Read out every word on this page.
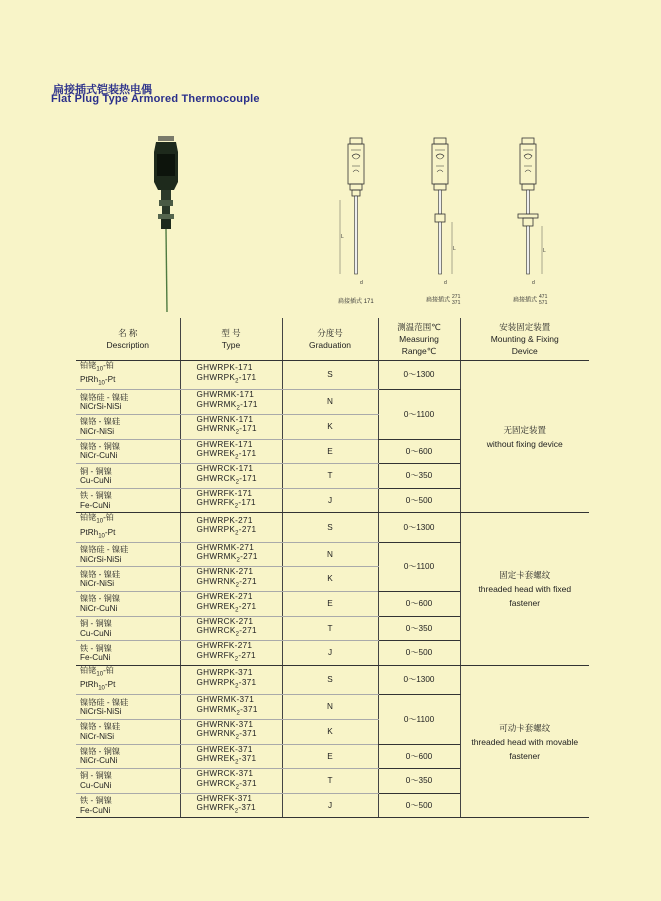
扁接插式铠装热电偶
Flat Plug Type Armored Thermocouple
L
d
扁接插式 171
L
d
扁接插式
271
371
L
d
扁接插式
471
571
名 称
Description	型 号
Type	分度号
Graduation	测温范围℃
Measuring
Range℃	安装固定装置
Mounting & Fixing
Device

铂铑$_{10}$-铂
PtRh$_{10}$-Pt	GHWRPK-171
$GHWRPK_2-171$	S	0～1300	无固定装置
without fixing device

镍铬硅 - 镍硅
NiCrSi-NiSi	GHWRMK-171
$GHWRMK_2-171$	N	0～1100	

镍铬 - 镍硅
NiCr-NiSi	GHWRNK-171
$GHWRNK_2-171$	K		

镍铬 - 铜镍
NiCr-CuNi	GHWREK-171
$GHWREK_2-171$	E	0～600	

铜 - 铜镍
Cu-CuNi	GHWRCK-171
$GHWRCK_2-171$	T	0～350	

铁 - 铜镍
Fe-CuNi	GHWRFK-171
$GHWRFK_2-171$	J	0～500	

铂铑$_{10}$-铂
PtRh$_{10}$-Pt	GHWRPK-271
$GHWRPK_2-271$	S	0～1300	固定卡套螺纹
threaded head with fixed
fastener

镍铬硅 - 镍硅
NiCrSi-NiSi	GHWRMK-271
$GHWRMK_2-271$	N	0～1100	

镍铬 - 镍硅
NiCr-NiSi	GHWRNK-271
$GHWRNK_2-271$	K		

镍铬 - 铜镍
NiCr-CuNi	GHWREK-271
$GHWREK_2-271$	E	0～600	

铜 - 铜镍
Cu-CuNi	GHWRCK-271
$GHWRCK_2-271$	T	0～350	

铁 - 铜镍
Fe-CuNi	GHWRFK-271
$GHWRFK_2-271$	J	0～500	

铂铑$_{10}$-铂
PtRh$_{10}$-Pt	GHWRPK-371
$GHWRPK_2-371$	S	0～1300	可动卡套螺纹
threaded head with movable
fastener

镍铬硅 - 镍硅
NiCrSi-NiSi	GHWRMK-371
$GHWRMK_2-371$	N	0～1100	

镍铬 - 镍硅
NiCr-NiSi	GHWRNK-371
$GHWRNK_2-371$	K		

镍铬 - 铜镍
NiCr-CuNi	GHWREK-371
$GHWREK_2-371$	E	0～600	

铜 - 铜镍
Cu-CuNi	GHWRCK-371
$GHWRCK_2-371$	T	0～350	

铁 - 铜镍
Fe-CuNi	GHWRFK-371
$GHWRFK_2-371$	J	0～500	
